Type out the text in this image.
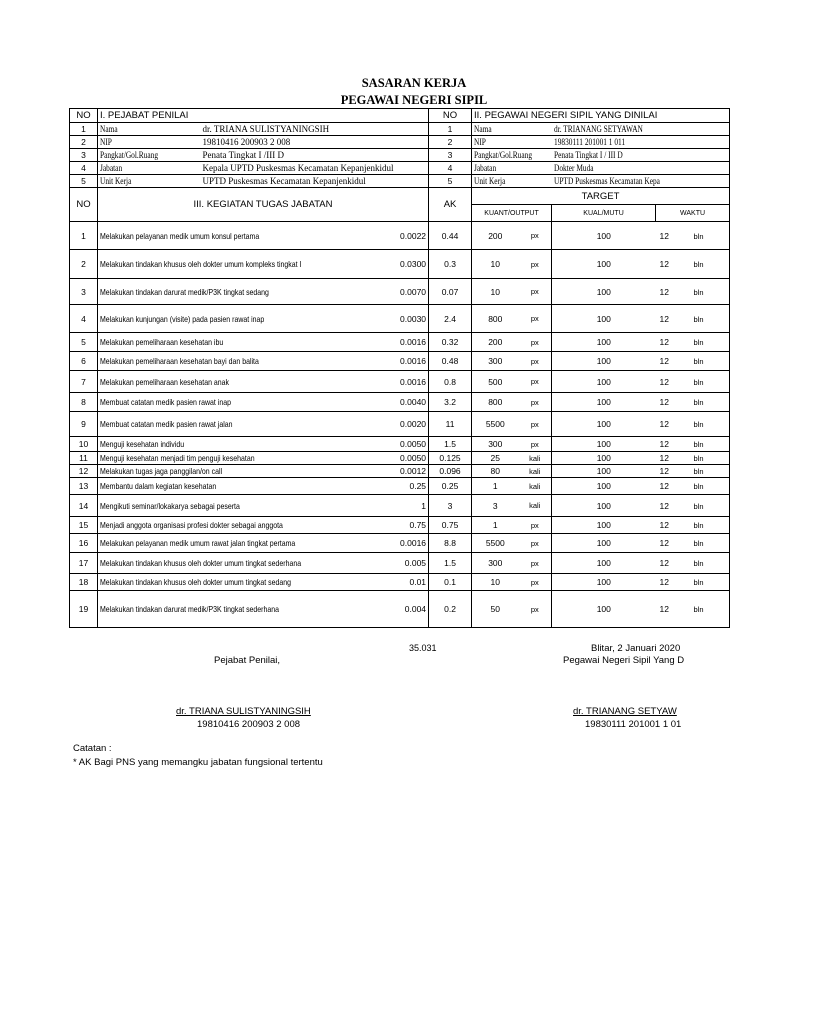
SASARAN KERJA
PEGAWAI NEGERI SIPIL
NO	I. PEJABAT PENILAI			NO	II. PEGAWAI NEGERI SIPIL YANG DINILAI			
1	Nama	dr. TRIANA SULISTYANINGSIH		1	Nama		dr. TRIANANG SETYAWAN	
2	NIP	19810416 200903 2 008		2	NIP		19830111 201001 1 011	
3	Pangkat/Gol.Ruang	Penata Tingkat I /III D		3	Pangkat/Gol.Ruang		Penata Tingkat I / III D	
4	Jabatan	Kepala UPTD Puskesmas Kecamatan Kepanjenkidul		4	Jabatan		Dokter Muda	
5	Unit Kerja	UPTD Puskesmas Kecamatan Kepanjenkidul		5	Unit Kerja		UPTD Puskesmas Kecamatan Kepa	
NO	III. KEGIATAN TUGAS JABATAN			AK	TARGET			
					KUANT/OUTPUT		KUAL/MUTU	WAKTU
1	Melakukan pelayanan medik umum konsul pertama		0.0022	0.44	200	px	100	12 bln
2	Melakukan tindakan khusus oleh dokter umum kompleks tingkat I		0.0300	0.3	10	px	100	12 bln
3	Melakukan tindakan darurat medik/P3K tingkat sedang		0.0070	0.07	10	px	100	12 bln
4	Melakukan kunjungan (visite) pada pasien rawat inap		0.0030	2.4	800	px	100	12 bln
5	Melakukan pemeliharaan kesehatan ibu		0.0016	0.32	200	px	100	12 bln
6	Melakukan pemeliharaan kesehatan bayi dan balita		0.0016	0.48	300	px	100	12 bln
7	Melakukan pemeliharaan kesehatan anak		0.0016	0.8	500	px	100	12 bln
8	Membuat catatan medik pasien rawat inap		0.0040	3.2	800	px	100	12 bln
9	Membuat catatan medik pasien rawat jalan		0.0020	11	5500	px	100	12 bln
10	Menguji kesehatan individu		0.0050	1.5	300	px	100	12 bln
11	Menguji kesehatan menjadi tim penguji kesehatan		0.0050	0.125	25	kali	100	12 bln
12	Melakukan tugas jaga panggilan/on call		0.0012	0.096	80	kali	100	12 bln
13	Membantu dalam kegiatan kesehatan		0.25	0.25	1	kali	100	12 bln
14	Mengikuti seminar/lokakarya sebagai peserta		1	3	3	kali	100	12 bln
15	Menjadi anggota organisasi profesi dokter sebagai anggota		0.75	0.75	1	px	100	12 bln
16	Melakukan pelayanan medik umum rawat jalan tingkat pertama		0.0016	8.8	5500	px	100	12 bln
17	Melakukan tindakan khusus oleh dokter umum tingkat sederhana		0.005	1.5	300	px	100	12 bln
18	Melakukan tindakan khusus oleh dokter umum tingkat sedang		0.01	0.1	10	px	100	12 bln
19	Melakukan tindakan darurat medik/P3K tingkat sederhana		0.004	0.2	50	px	100	12 bln
35.031	Blitar, 2 Januari 2020
Pejabat Penilai,	Pegawai Negeri Sipil Yang D
dr. TRIANA SULISTYANINGSIH
19810416 200903 2 008
dr. TRIANANG SETYAW
19830111 201001 1 01
Catatan :
* AK Bagi PNS yang memangku jabatan fungsional tertentu
